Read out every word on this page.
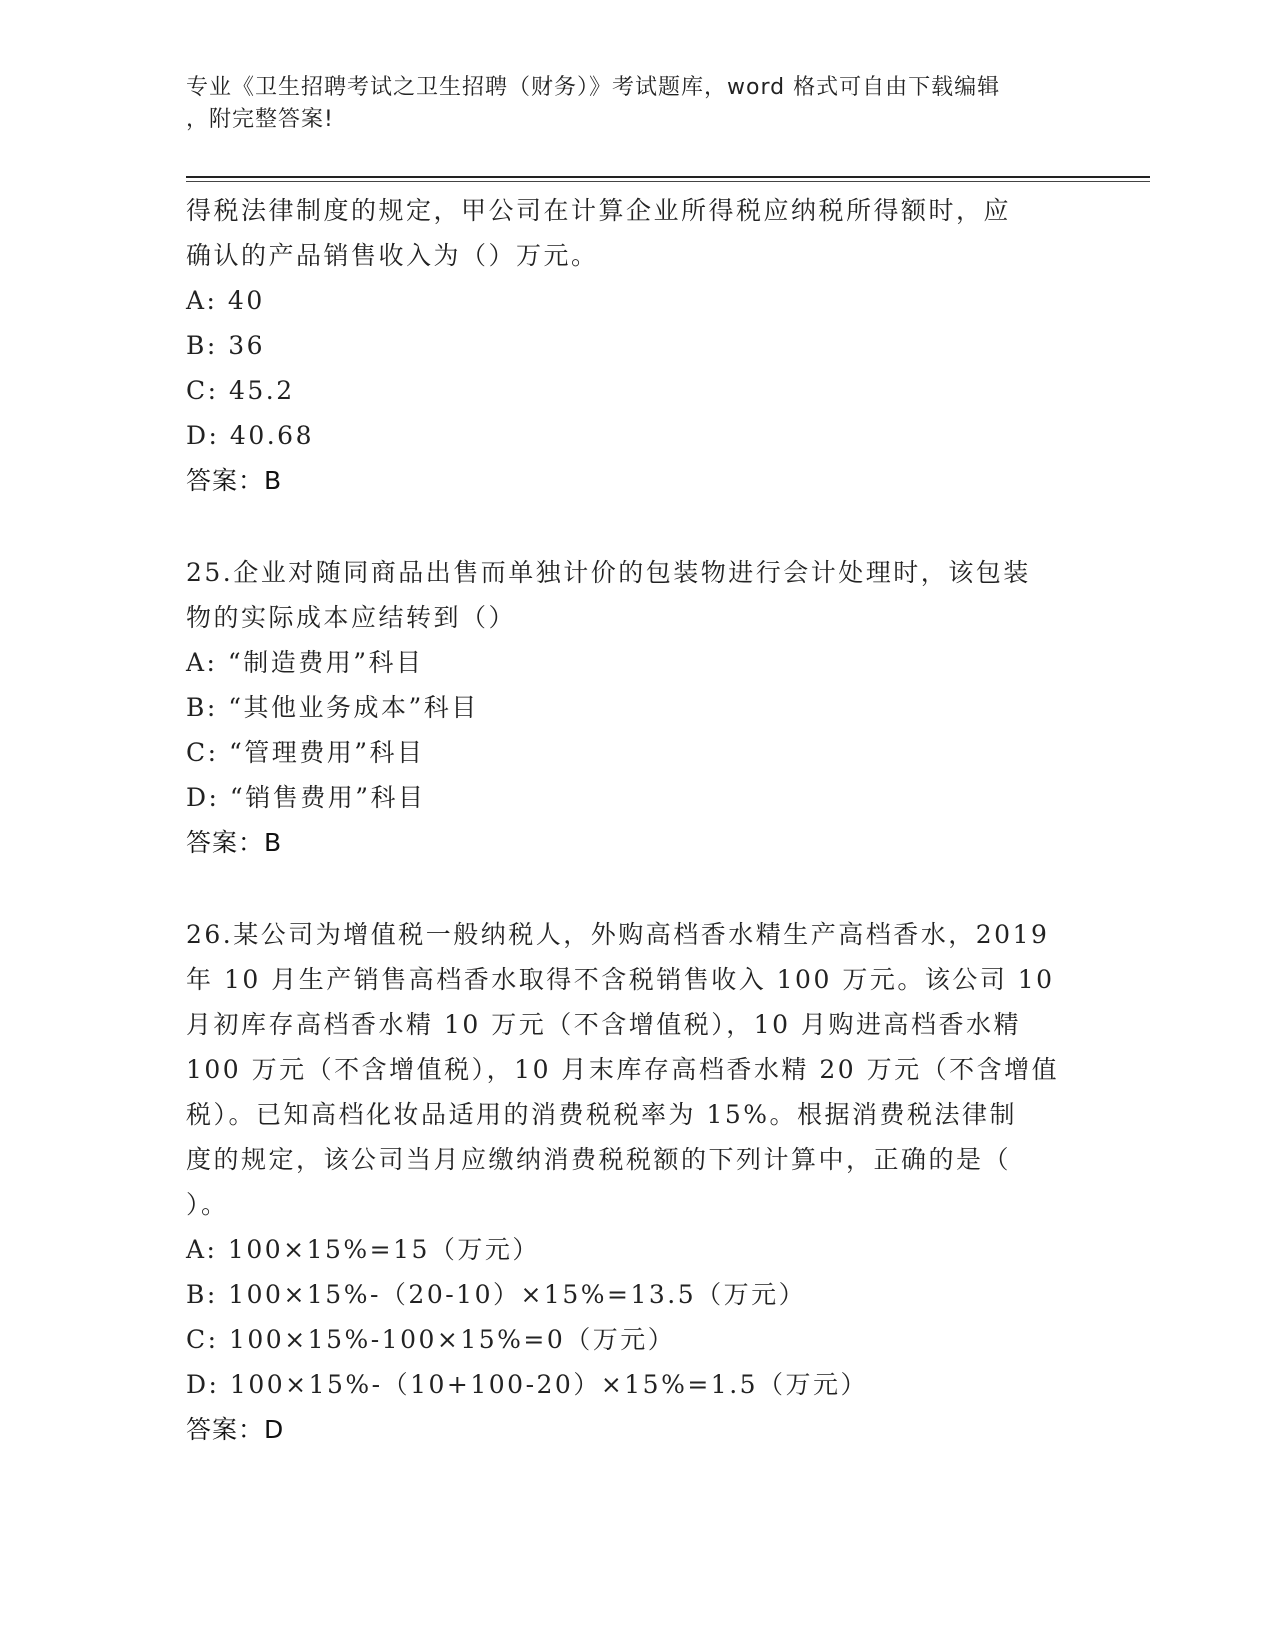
专业《卫生招聘考试之卫生招聘（财务）》考试题库，word 格式可自由下载编辑
，附完整答案!

得税法律制度的规定，甲公司在计算企业所得税应纳税所得额时，应

确认的产品销售收入为（）万元。

A: 40

B: 36

C: 45.2

D: 40.68

答案：B

25.企业对随同商品出售而单独计价的包装物进行会计处理时，该包装

物的实际成本应结转到（）

A: “制造费用”科目

B: “其他业务成本”科目

C: “管理费用”科目

D: “销售费用”科目

答案：B

26.某公司为增值税一般纳税人，外购高档香水精生产高档香水，2019

年 10 月生产销售高档香水取得不含税销售收入 100 万元。该公司 10

月初库存高档香水精 10 万元（不含增值税），10 月购进高档香水精

100 万元（不含增值税），10 月末库存高档香水精 20 万元（不含增值

税）。已知高档化妆品适用的消费税税率为 15%。根据消费税法律制

度的规定，该公司当月应缴纳消费税税额的下列计算中，正确的是（

）。

A: 100×15%=15（万元）

B: 100×15%-（20-10）×15%=13.5（万元）

C: 100×15%-100×15%=0（万元）

D: 100×15%-（10+100-20）×15%=1.5（万元）

答案：D
